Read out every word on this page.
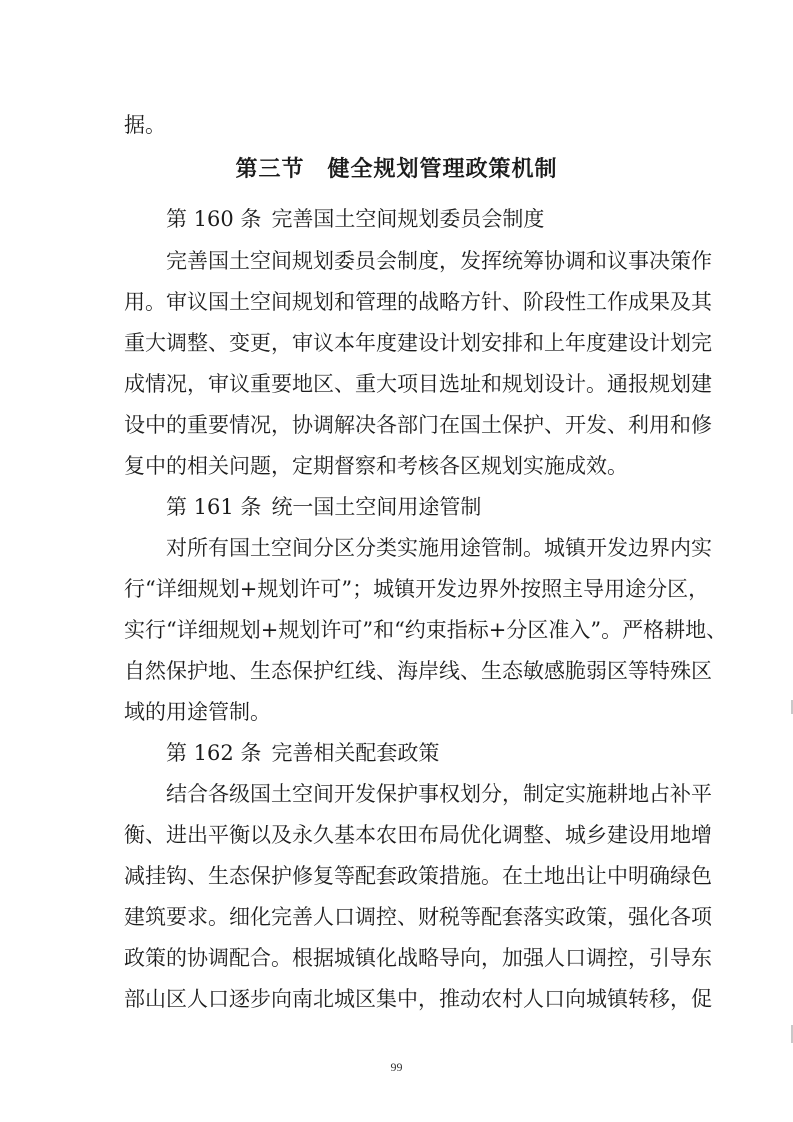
据。
第三节　健全规划管理政策机制
第 160 条 完善国土空间规划委员会制度
完善国土空间规划委员会制度，发挥统筹协调和议事决策作
用。审议国土空间规划和管理的战略方针、阶段性工作成果及其
重大调整、变更，审议本年度建设计划安排和上年度建设计划完
成情况，审议重要地区、重大项目选址和规划设计。通报规划建
设中的重要情况，协调解决各部门在国土保护、开发、利用和修
复中的相关问题，定期督察和考核各区规划实施成效。
第 161 条 统一国土空间用途管制
对所有国土空间分区分类实施用途管制。城镇开发边界内实
行“详细规划+规划许可”；城镇开发边界外按照主导用途分区，
实行“详细规划+规划许可”和“约束指标+分区准入”。严格耕地、
自然保护地、生态保护红线、海岸线、生态敏感脆弱区等特殊区
域的用途管制。
第 162 条 完善相关配套政策
结合各级国土空间开发保护事权划分，制定实施耕地占补平
衡、进出平衡以及永久基本农田布局优化调整、城乡建设用地增
减挂钩、生态保护修复等配套政策措施。在土地出让中明确绿色
建筑要求。细化完善人口调控、财税等配套落实政策，强化各项
政策的协调配合。根据城镇化战略导向，加强人口调控，引导东
部山区人口逐步向南北城区集中，推动农村人口向城镇转移，促
99
